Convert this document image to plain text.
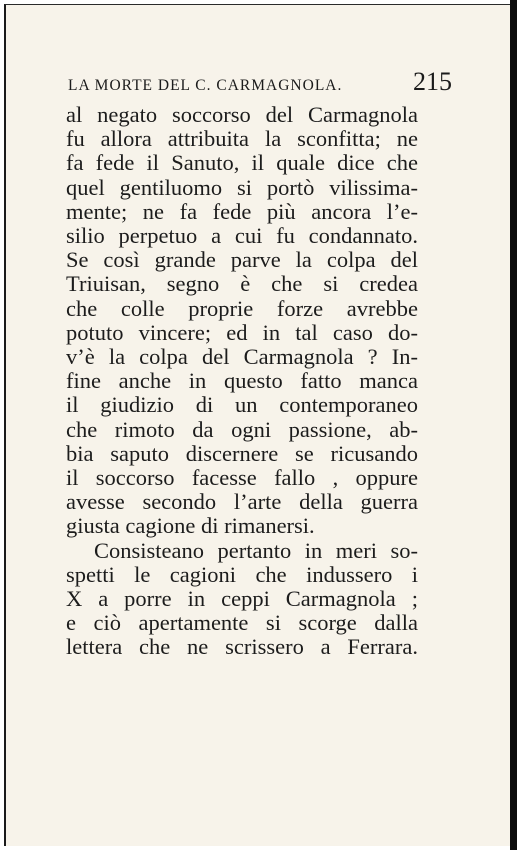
LA MORTE DEL C. CARMAGNOLA.	215
al negato soccorso del Carmagnola
fu allora attribuita la sconfitta; ne
fa fede il Sanuto, il quale dice che
quel gentiluomo si portò vilissima-
mente; ne fa fede più ancora l’e-
silio perpetuo a cui fu condannato.
Se così grande parve la colpa del
Triuisan, segno è che si credea
che colle proprie forze avrebbe
potuto vincere; ed in tal caso do-
v’è la colpa del Carmagnola ? In-
fine anche in questo fatto manca
il giudizio di un contemporaneo
che rimoto da ogni passione, ab-
bia saputo discernere se ricusando
il soccorso facesse fallo , oppure
avesse secondo l’arte della guerra
giusta cagione di rimanersi.
Consisteano pertanto in meri so-
spetti le cagioni che indussero i
X a porre in ceppi Carmagnola ;
e ciò apertamente si scorge dalla
lettera che ne scrissero a Ferrara.
